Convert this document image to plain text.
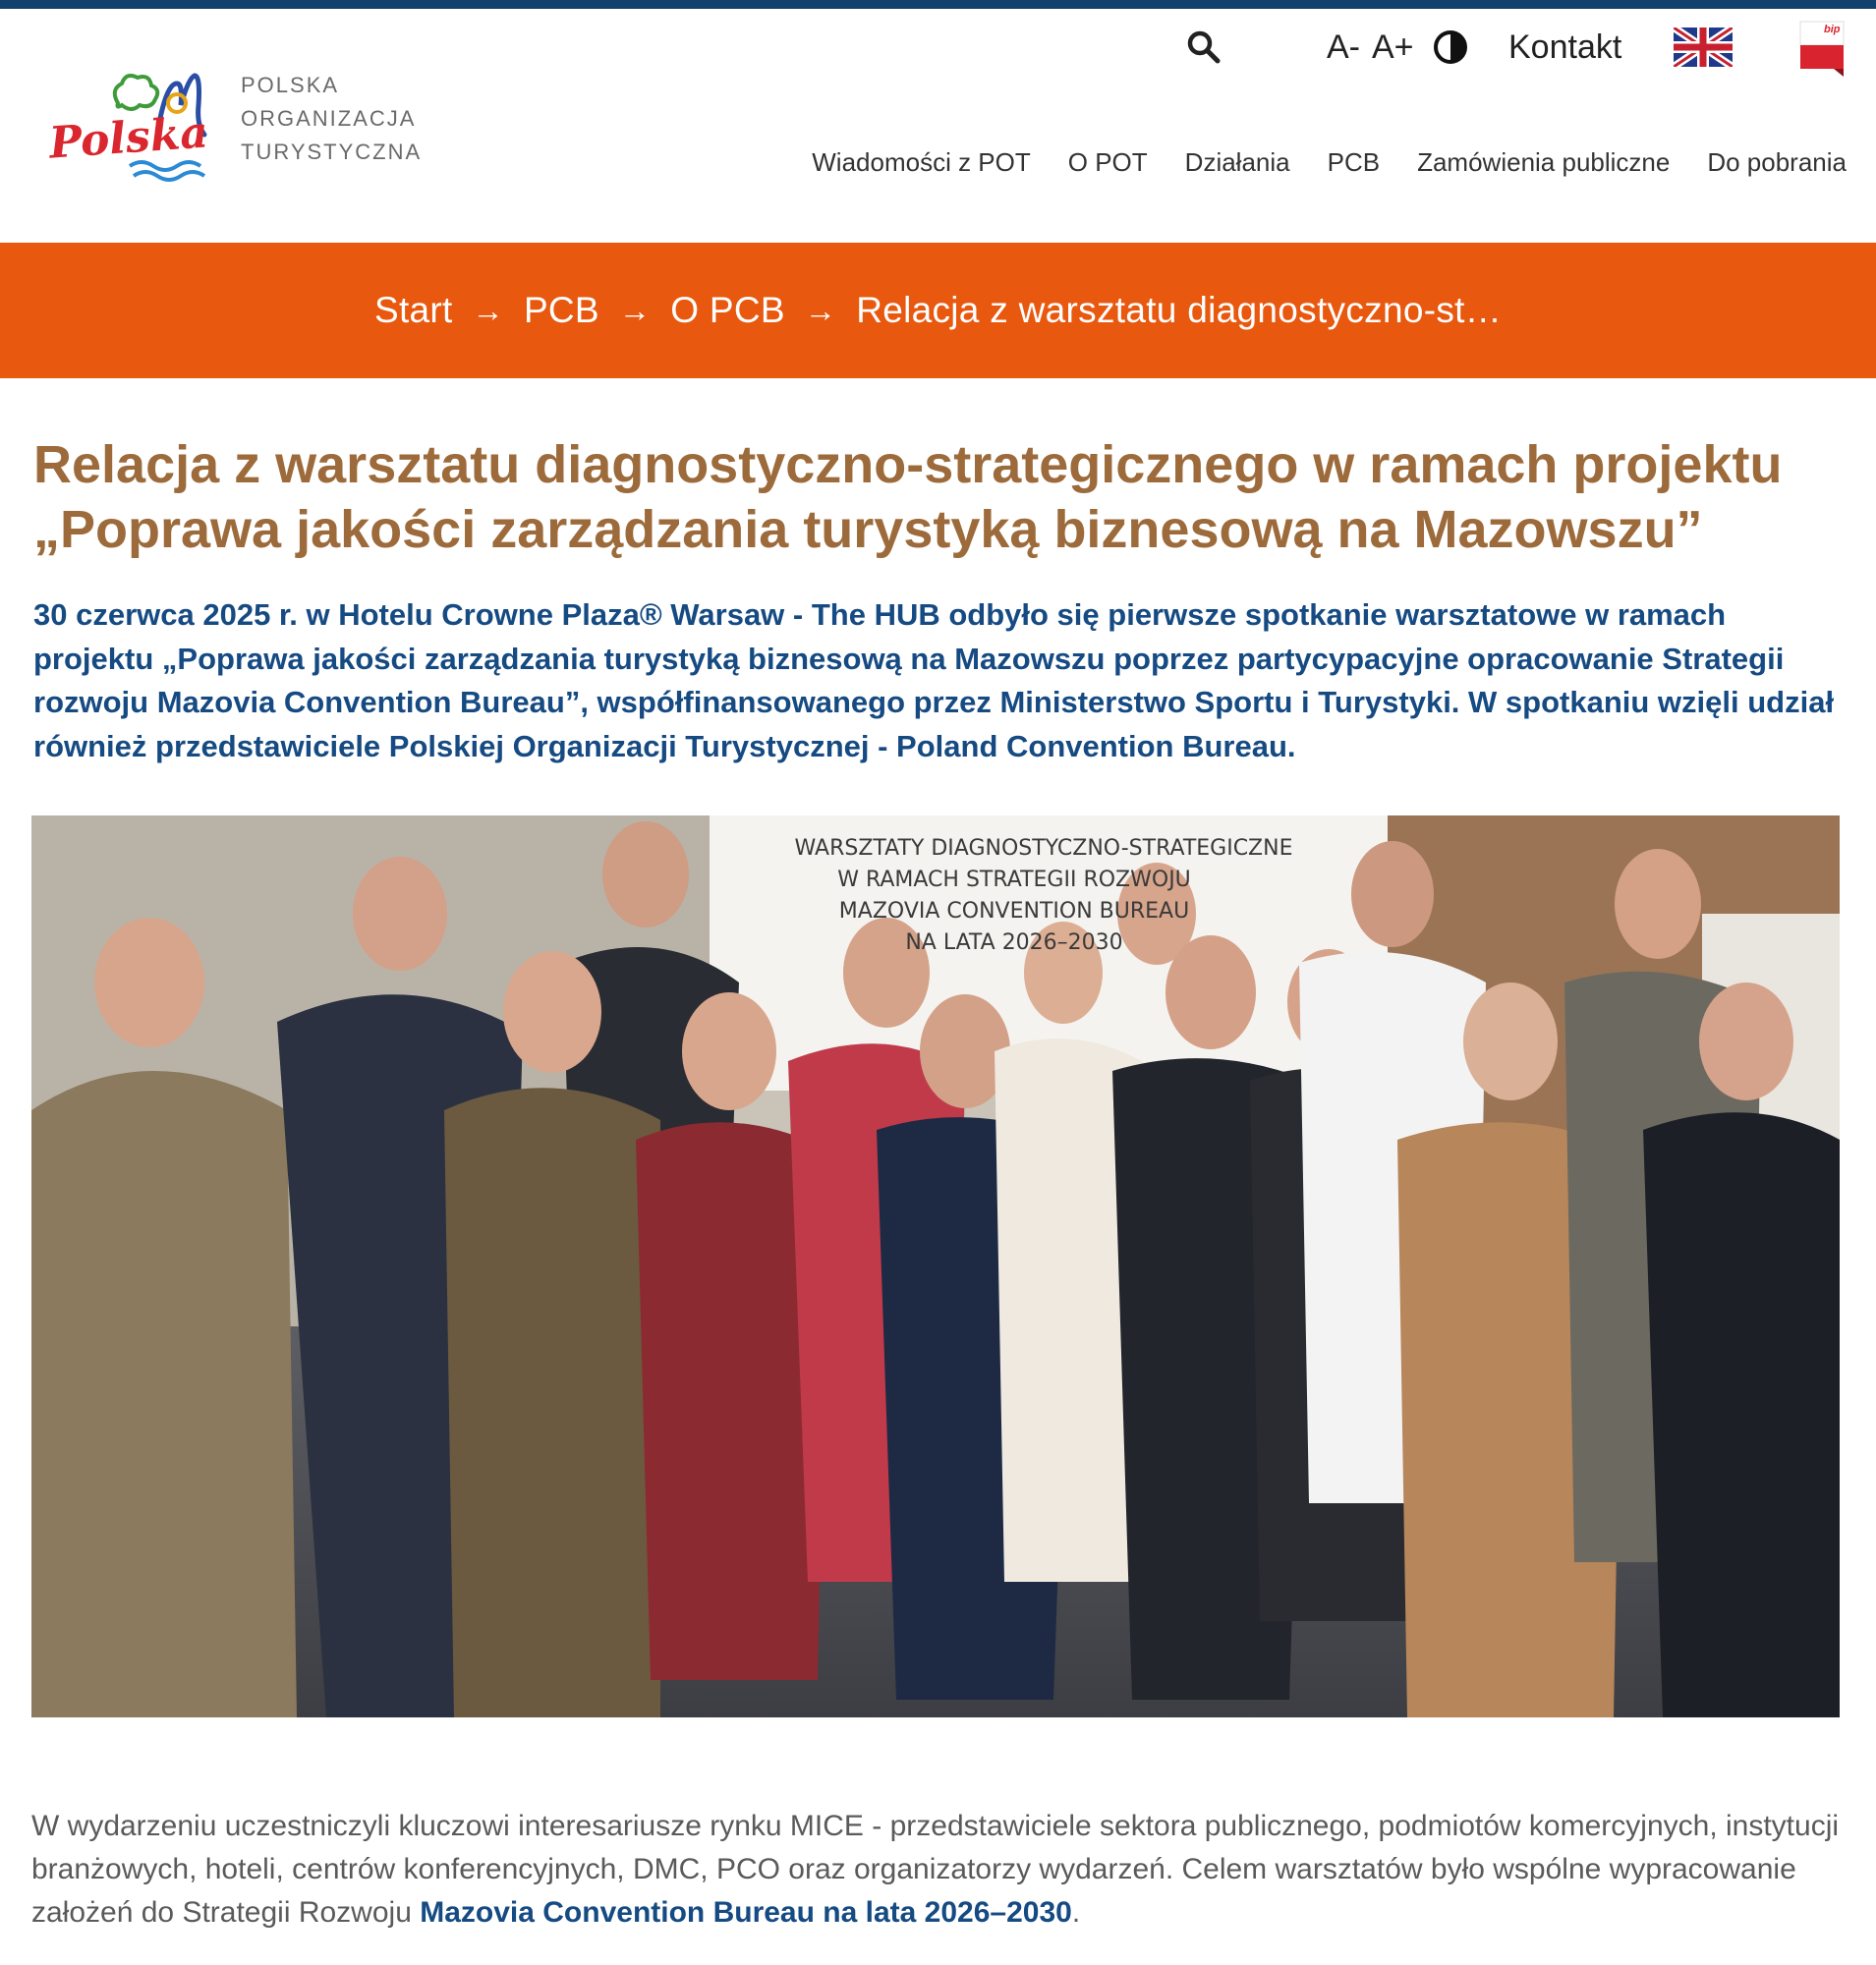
Polska
POLSKA
ORGANIZACJA
TURYSTYCZNA
A- A+	Kontakt	bip
Wiadomości z POT O POT Działania PCB Zamówienia publiczne Do pobrania
Start → PCB → O PCB → Relacja z warsztatu diagnostyczno-st…
Relacja z warsztatu diagnostyczno-strategicznego w ramach projektu
„Poprawa jakości zarządzania turystyką biznesową na Mazowszu”

30 czerwca 2025 r. w Hotelu Crowne Plaza® Warsaw - The HUB odbyło się pierwsze spotkanie warsztatowe w ramach projektu „Poprawa jakości zarządzania turystyką biznesową na Mazowszu poprzez partycypacyjne opracowanie Strategii rozwoju Mazovia Convention Bureau”, współfinansowanego przez Ministerstwo Sportu i Turystyki. W spotkaniu wzięli udział również przedstawiciele Polskiej Organizacji Turystycznej - Poland Convention Bureau.

WARSZTATY DIAGNOSTYCZNO-STRATEGICZNE
W RAMACH STRATEGII ROZWOJU
MAZOVIA CONVENTION BUREAU
NA LATA 2026–2030

W wydarzeniu uczestniczyli kluczowi interesariusze rynku MICE - przedstawiciele sektora publicznego, podmiotów komercyjnych, instytucji branżowych, hoteli, centrów konferencyjnych, DMC, PCO oraz organizatorzy wydarzeń. Celem warsztatów było wspólne wypracowanie założeń do Strategii Rozwoju Mazovia Convention Bureau na lata 2026–2030.
